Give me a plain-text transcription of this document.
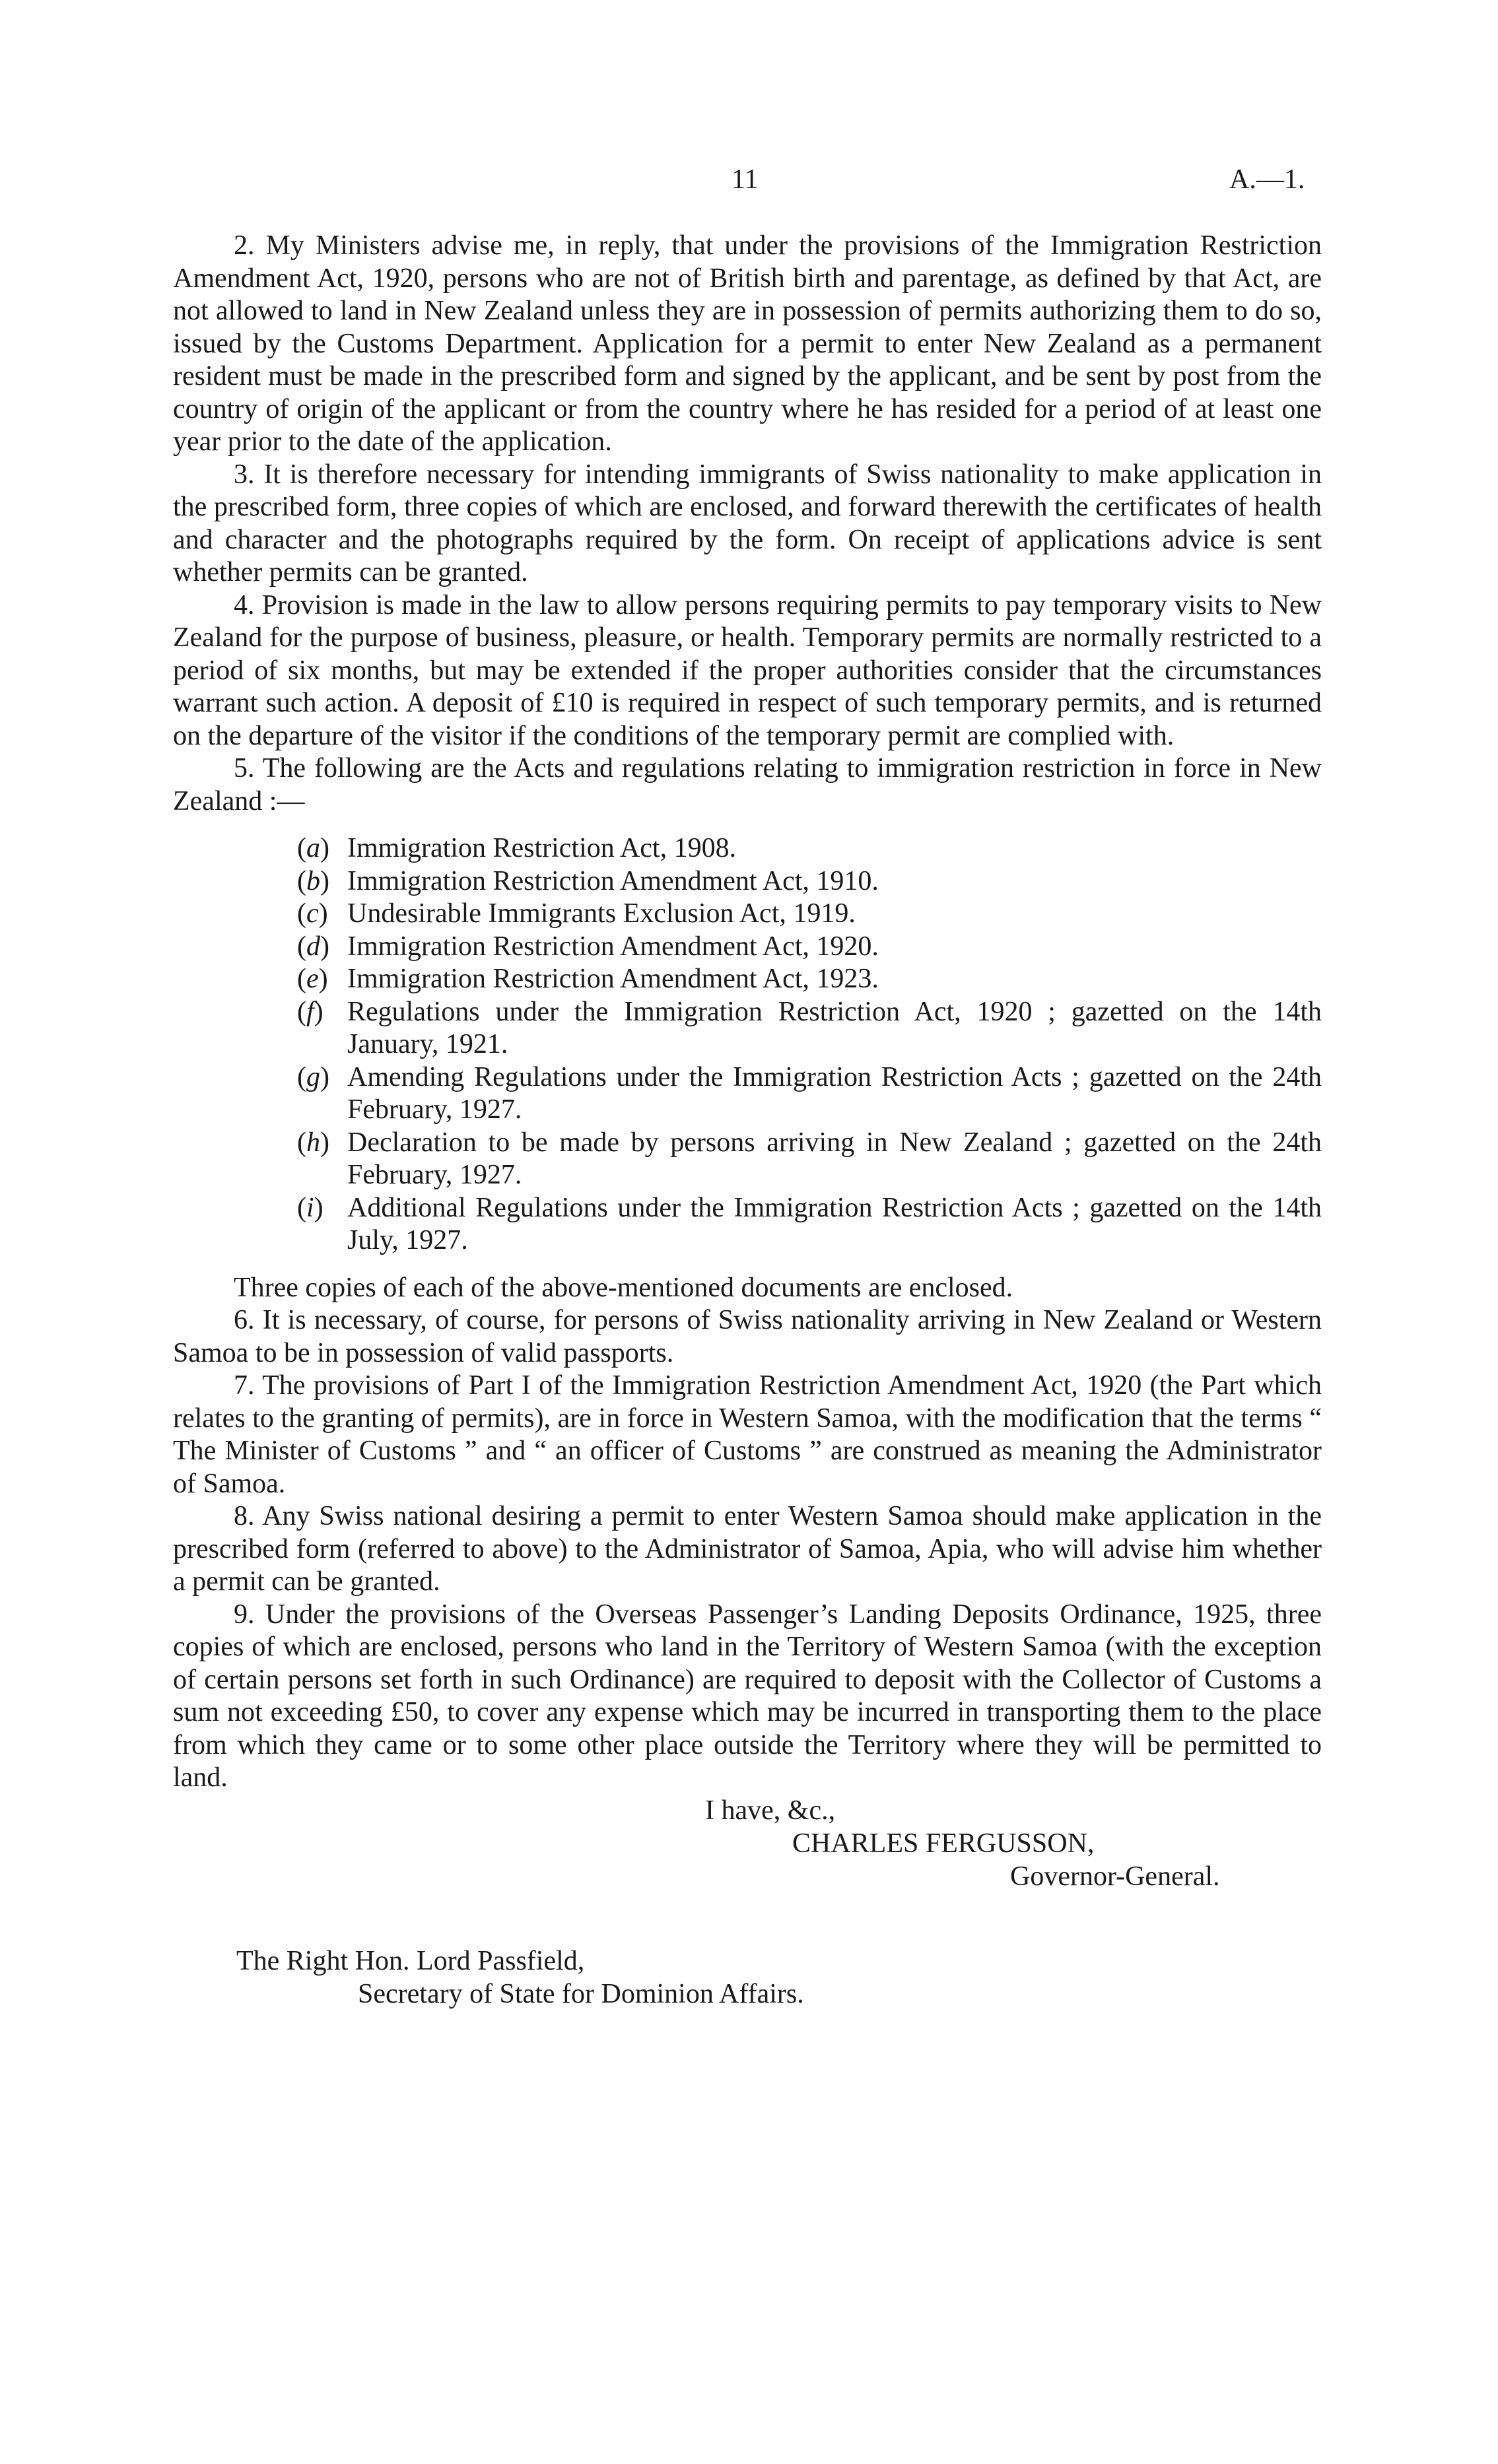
11	A.—1.

2. My Ministers advise me, in reply, that under the provisions of the Immigration Restriction Amendment Act, 1920, persons who are not of British birth and parentage, as defined by that Act, are not allowed to land in New Zealand unless they are in possession of permits authorizing them to do so, issued by the Customs Department. Application for a permit to enter New Zealand as a permanent resident must be made in the prescribed form and signed by the applicant, and be sent by post from the country of origin of the applicant or from the country where he has resided for a period of at least one year prior to the date of the application.

3. It is therefore necessary for intending immigrants of Swiss nationality to make application in the prescribed form, three copies of which are enclosed, and forward therewith the certificates of health and character and the photographs required by the form. On receipt of applications advice is sent whether permits can be granted.

4. Provision is made in the law to allow persons requiring permits to pay temporary visits to New Zealand for the purpose of business, pleasure, or health. Temporary permits are normally restricted to a period of six months, but may be extended if the proper authorities consider that the circumstances warrant such action. A deposit of £10 is required in respect of such temporary permits, and is returned on the departure of the visitor if the conditions of the temporary permit are complied with.

5. The following are the Acts and regulations relating to immigration restriction in force in New Zealand :—

(a) Immigration Restriction Act, 1908.
(b) Immigration Restriction Amendment Act, 1910.
(c) Undesirable Immigrants Exclusion Act, 1919.
(d) Immigration Restriction Amendment Act, 1920.
(e) Immigration Restriction Amendment Act, 1923.
(f) Regulations under the Immigration Restriction Act, 1920 ; gazetted on the 14th January, 1921.
(g) Amending Regulations under the Immigration Restriction Acts ; gazetted on the 24th February, 1927.
(h) Declaration to be made by persons arriving in New Zealand ; gazetted on the 24th February, 1927.
(i) Additional Regulations under the Immigration Restriction Acts ; gazetted on the 14th July, 1927.

Three copies of each of the above-mentioned documents are enclosed.

6. It is necessary, of course, for persons of Swiss nationality arriving in New Zealand or Western Samoa to be in possession of valid passports.

7. The provisions of Part I of the Immigration Restriction Amendment Act, 1920 (the Part which relates to the granting of permits), are in force in Western Samoa, with the modification that the terms “ The Minister of Customs ” and “ an officer of Customs ” are construed as meaning the Administrator of Samoa.

8. Any Swiss national desiring a permit to enter Western Samoa should make application in the prescribed form (referred to above) to the Administrator of Samoa, Apia, who will advise him whether a permit can be granted.

9. Under the provisions of the Overseas Passenger’s Landing Deposits Ordinance, 1925, three copies of which are enclosed, persons who land in the Territory of Western Samoa (with the exception of certain persons set forth in such Ordinance) are required to deposit with the Collector of Customs a sum not exceeding £50, to cover any expense which may be incurred in transporting them to the place from which they came or to some other place outside the Territory where they will be permitted to land.

I have, &c.,
CHARLES FERGUSSON,
Governor-General.
The Right Hon. Lord Passfield,
Secretary of State for Dominion Affairs.
